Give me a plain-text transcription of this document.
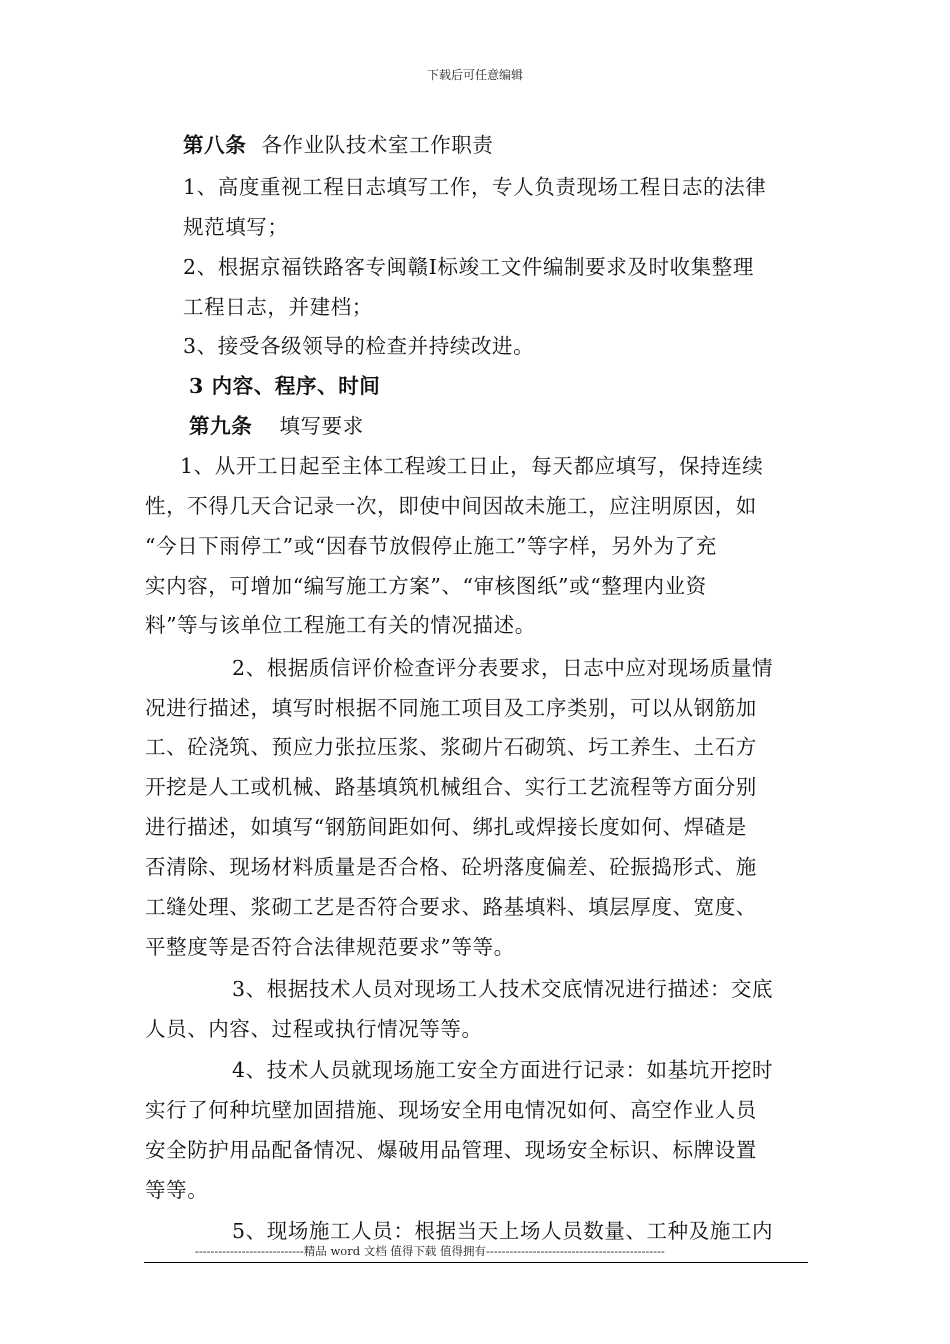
下载后可任意编辑
第八条 各作业队技术室工作职责
1、高度重视工程日志填写工作，专人负责现场工程日志的法律
规范填写；
2、根据京福铁路客专闽赣Ⅰ标竣工文件编制要求及时收集整理
工程日志，并建档；
3、接受各级领导的检查并持续改进。
3 内容、程序、时间
第九条 填写要求
1、从开工日起至主体工程竣工日止，每天都应填写，保持连续
性，不得几天合记录一次，即使中间因故未施工，应注明原因，如
“今日下雨停工”或“因春节放假停止施工”等字样，另外为了充
实内容，可增加“编写施工方案”、“审核图纸”或“整理内业资
料”等与该单位工程施工有关的情况描述。
2、根据质信评价检查评分表要求，日志中应对现场质量情
况进行描述，填写时根据不同施工项目及工序类别，可以从钢筋加
工、砼浇筑、预应力张拉压浆、浆砌片石砌筑、圬工养生、土石方
开挖是人工或机械、路基填筑机械组合、实行工艺流程等方面分别
进行描述，如填写“钢筋间距如何、绑扎或焊接长度如何、焊碴是
否清除、现场材料质量是否合格、砼坍落度偏差、砼振捣形式、施
工缝处理、浆砌工艺是否符合要求、路基填料、填层厚度、宽度、
平整度等是否符合法律规范要求”等等。
3、根据技术人员对现场工人技术交底情况进行描述：交底
人员、内容、过程或执行情况等等。
4、技术人员就现场施工安全方面进行记录：如基坑开挖时
实行了何种坑壁加固措施、现场安全用电情况如何、高空作业人员
安全防护用品配备情况、爆破用品管理、现场安全标识、标牌设置
等等。
5、现场施工人员：根据当天上场人员数量、工种及施工内
----------------------------精品 word 文档 值得下载 值得拥有----------------------------------------------
